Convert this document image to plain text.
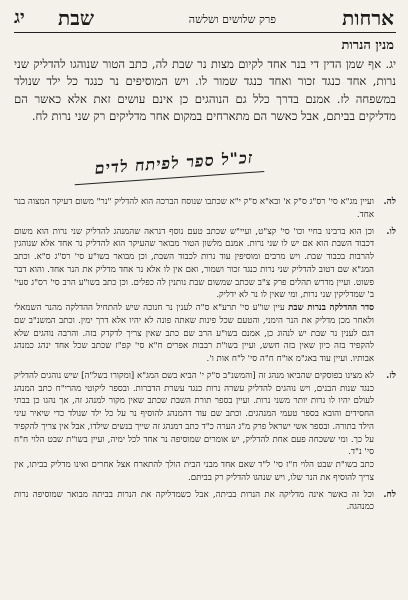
ארחות
פרק שלושים ושלשה
שבת
יג
מנין הנרות
יג. אף שמן הדין די בנר אחד לקיום מצות נר שבת לה, כתב הטור שנוהגו להדליק שני נרות, אחד כנגד זכור ואחד כנגד שמור לו. ויש המוסיפים נר כנגד כל ילד שנולד במשפחה לז. אמנם בדרך כלל גם הנוהגים כן אינם עושים זאת אלא כאשר הם מדליקים בביתם, אבל כאשר הם מתארחים במקום אחר מדליקים רק שני נרות לח.
זכ"ל ספר לפיתח לדים

לה.
ועיין מג"א סי' רס"ג ס"ק א' ובא"א ס"ק י"א שכתבו שנוסח הברכה הוא להדליק "נר" משום דעיקר המצוה בנר אחד.

לו.
וכן הוא ברבינו בחיי וכו' סי' קצ"ט, ועיי"ש שכתב טעם נוסף דנראה שהמנהג להדליק שני נרות הוא משום דכבוד השבת הוא אם יש לו שני נרות. אמנם מלשון הטור מבואר שהעיקר הוא להדליק נר אחד אלא שנוהגין להרבות בכבוד שבת. ויש מרבים ומוסיפין עוד נרות לכבוד השבת, וכן מבואר בשו"ע סי' רס"ג ס"א. וכתב המג"א שם דטוב להדליק שני נרות כנגד זכור ושמור, ואם אין לו אלא נר אחד מדליק את הנר אחד. והוא דבר פשוט. ועיין מדרש תהלים פרק צ"ב שכתב שמשום שבת נותנין לה כפלים. וכן כתב בשו"ע הרב סי' רס"ג סעי' ב' שמדליקין שני נרות, ומי שאין לו נר לא ידליק.
סדר ההדלקה בנרות שבת עיין שו"ע סי' תרע"א ס"ה לענין נר חנוכה שיש להתחיל ההדלקה מהנר השמאלי ולאחר מכן מדליק את הנר הימני, והטעם שכל פינות שאתה פונה לא יהיו אלא דרך ימין. וכתב המשנ"ב שם דגם לענין נר שבת יש לנהוג כן, אמנם בשו"ע הרב שם כתב שאין צריך לדקדק בזה. והרבה נוהגים שלא להקפיד בזה כיון שאין בזה חשש, ועיין בשו"ת רבבות אפרים ח"א סי' קפ"ז שכתב שכל אחד ינהג כמנהג אבותיו. ועיין עוד באג"מ או"ח ח"ה סי' ל"ח אות ו'.

לז.
לא מצינו בפוסקים שהביאו מנהג זה [והמשנ"ב ס"ק י' הביא בשם המג"א [ומקורו בשל"ה] שיש נוהגים להדליק כנגד שנות הבנים, ויש נוהגים להדליק עשרה נרות כנגד עשרת הדברות. ובספר ליקוטי מהרי"ח כתב המנהג לעולם יהיו לו נרות יותר משני נרות. ועיין בספר תורת השבת שכתב שאין מקור למנהג זה, אך נהגו כן בבתי החסידים והובא בספר טעמי המנהגים. וכתב שם עוד דהמנהג להוסיף נר על כל ילד שנולד כדי שיאיר עיני הילד בתורה. ובספר אשי ישראל פרק מ"ג הערה כ"ד כתב דמנהג זה שייך בנשים שילדו, אבל אין צריך להקפיד על כך. ומי ששכחה פעם אחת להדליק, יש אומרים שמוסיפה נר אחד לכל ימיה, ועיין בשו"ת שבט הלוי ח"ח סי' נ"ד.
כתב בשו"ת שבט הלוי ח"ז סי' ל"ד שאם אחד מבני הבית הולך להתארח אצל אחרים ואינו מדליק בביתו, אין צריך להוסיף את הנר שלו, ויש שנהגו להדליק רק בביתם.

לח.
וכל זה כאשר אינה מדליקה את הנרות בביתה, אבל כשמדליקה את הנרות בביתה מבואר שמוסיפה נרות כמנהגה.
